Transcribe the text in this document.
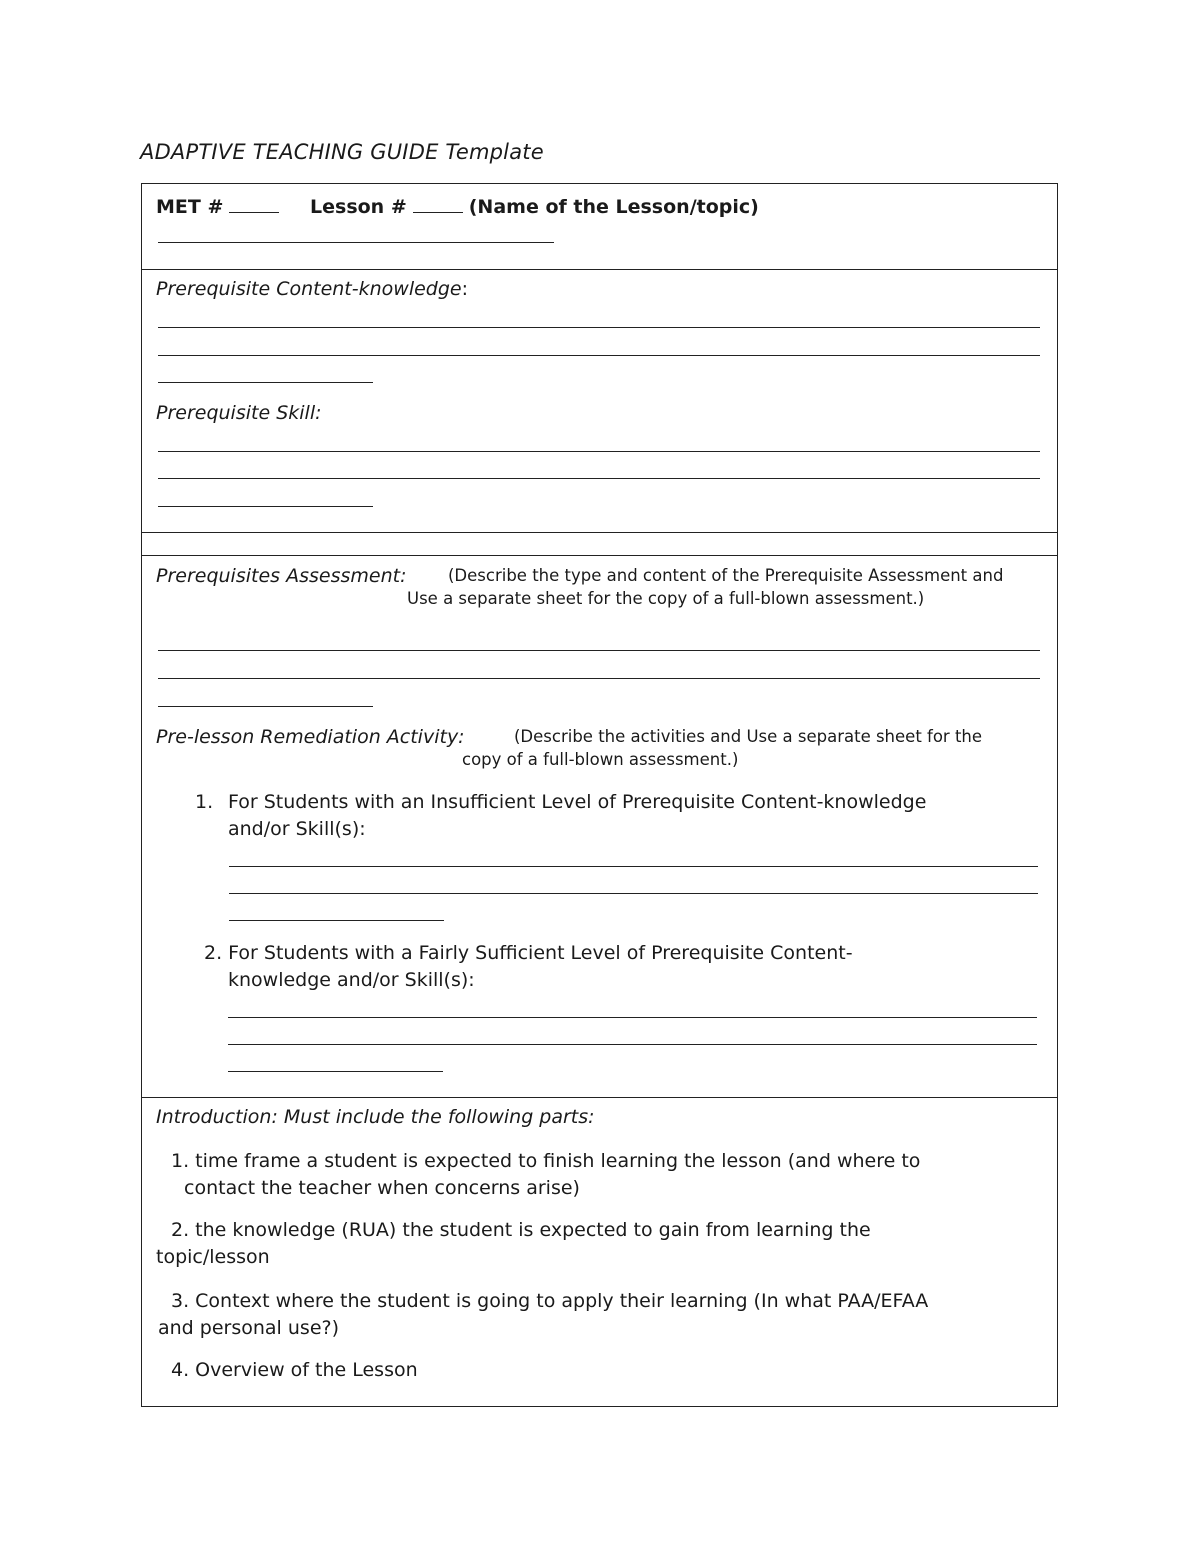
ADAPTIVE TEACHING GUIDE Template
MET #	Lesson #	(Name of the Lesson/topic)
Prerequisite Content-knowledge:
Prerequisite Skill:
Prerequisites Assessment:	(Describe the type and content of the Prerequisite Assessment and
Use a separate sheet for the copy of a full-blown assessment.)
Pre-lesson Remediation Activity:	(Describe the activities and Use a separate sheet for the
copy of a full-blown assessment.)
1. For Students with an Insufficient Level of Prerequisite Content-knowledge
and/or Skill(s):
2. For Students with a Fairly Sufficient Level of Prerequisite Content-
knowledge and/or Skill(s):
Introduction: Must include the following parts:
1. time frame a student is expected to finish learning the lesson (and where to
contact the teacher when concerns arise)
2. the knowledge (RUA) the student is expected to gain from learning the
topic/lesson
3. Context where the student is going to apply their learning (In what PAA/EFAA
and personal use?)
4. Overview of the Lesson
